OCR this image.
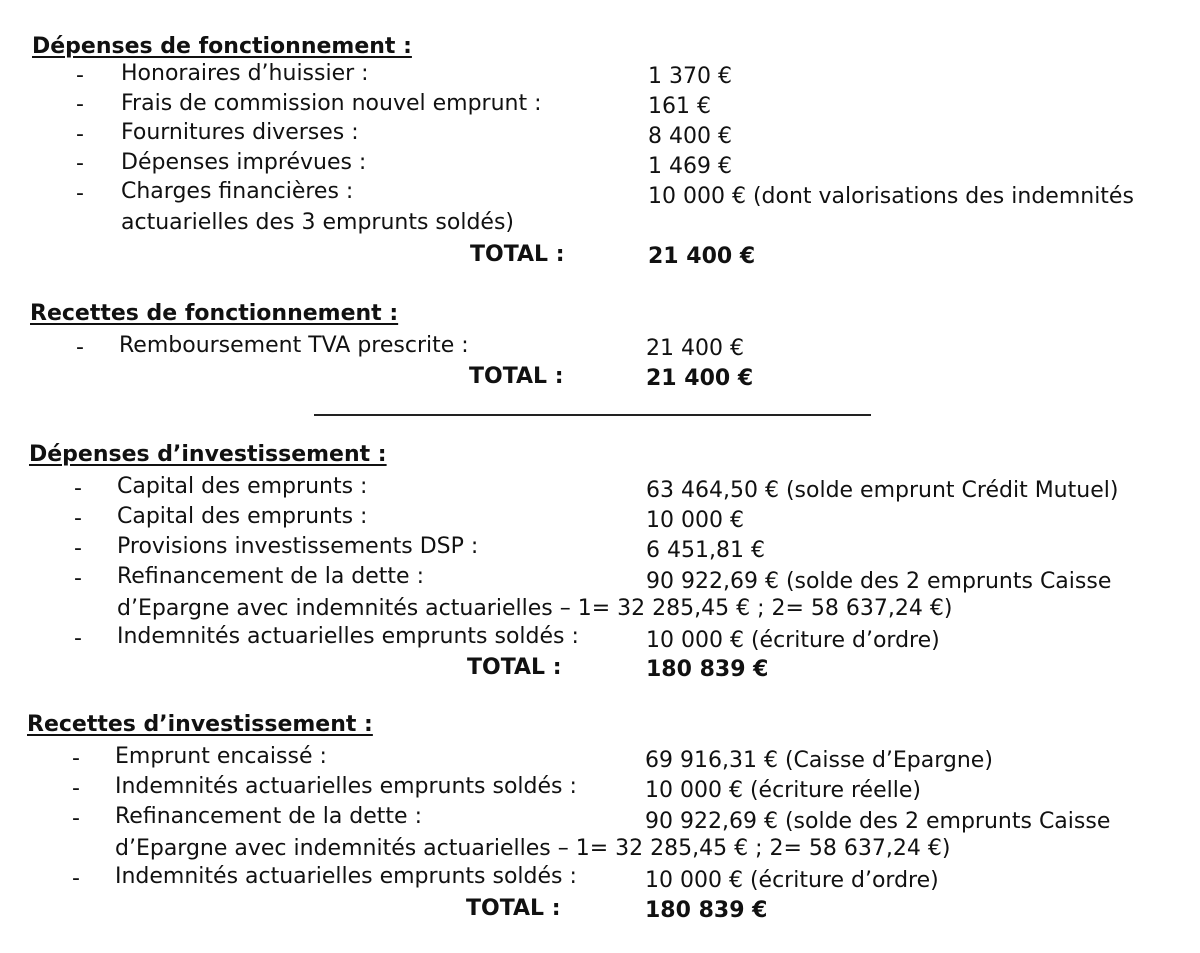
Dépenses de fonctionnement :
- Honoraires d’huissier :	1 370 €
- Frais de commission nouvel emprunt :	161 €
- Fournitures diverses :	8 400 €
- Dépenses imprévues :	1 469 €
- Charges financières :	10 000 € (dont valorisations des indemnités
actuarielles des 3 emprunts soldés)
TOTAL :	21 400 €
Recettes de fonctionnement :
- Remboursement TVA prescrite :	21 400 €
TOTAL :	21 400 €
Dépenses d’investissement :
- Capital des emprunts :	63 464,50 € (solde emprunt Crédit Mutuel)
- Capital des emprunts :	10 000 €
- Provisions investissements DSP :	6 451,81 €
- Refinancement de la dette :	90 922,69 € (solde des 2 emprunts Caisse
d’Epargne avec indemnités actuarielles – 1= 32 285,45 € ; 2= 58 637,24 €)
- Indemnités actuarielles emprunts soldés :	10 000 € (écriture d’ordre)
TOTAL :	180 839 €
Recettes d’investissement :
- Emprunt encaissé :	69 916,31 € (Caisse d’Epargne)
- Indemnités actuarielles emprunts soldés :	10 000 € (écriture réelle)
- Refinancement de la dette :	90 922,69 € (solde des 2 emprunts Caisse
d’Epargne avec indemnités actuarielles – 1= 32 285,45 € ; 2= 58 637,24 €)
- Indemnités actuarielles emprunts soldés :	10 000 € (écriture d’ordre)
TOTAL :	180 839 €
